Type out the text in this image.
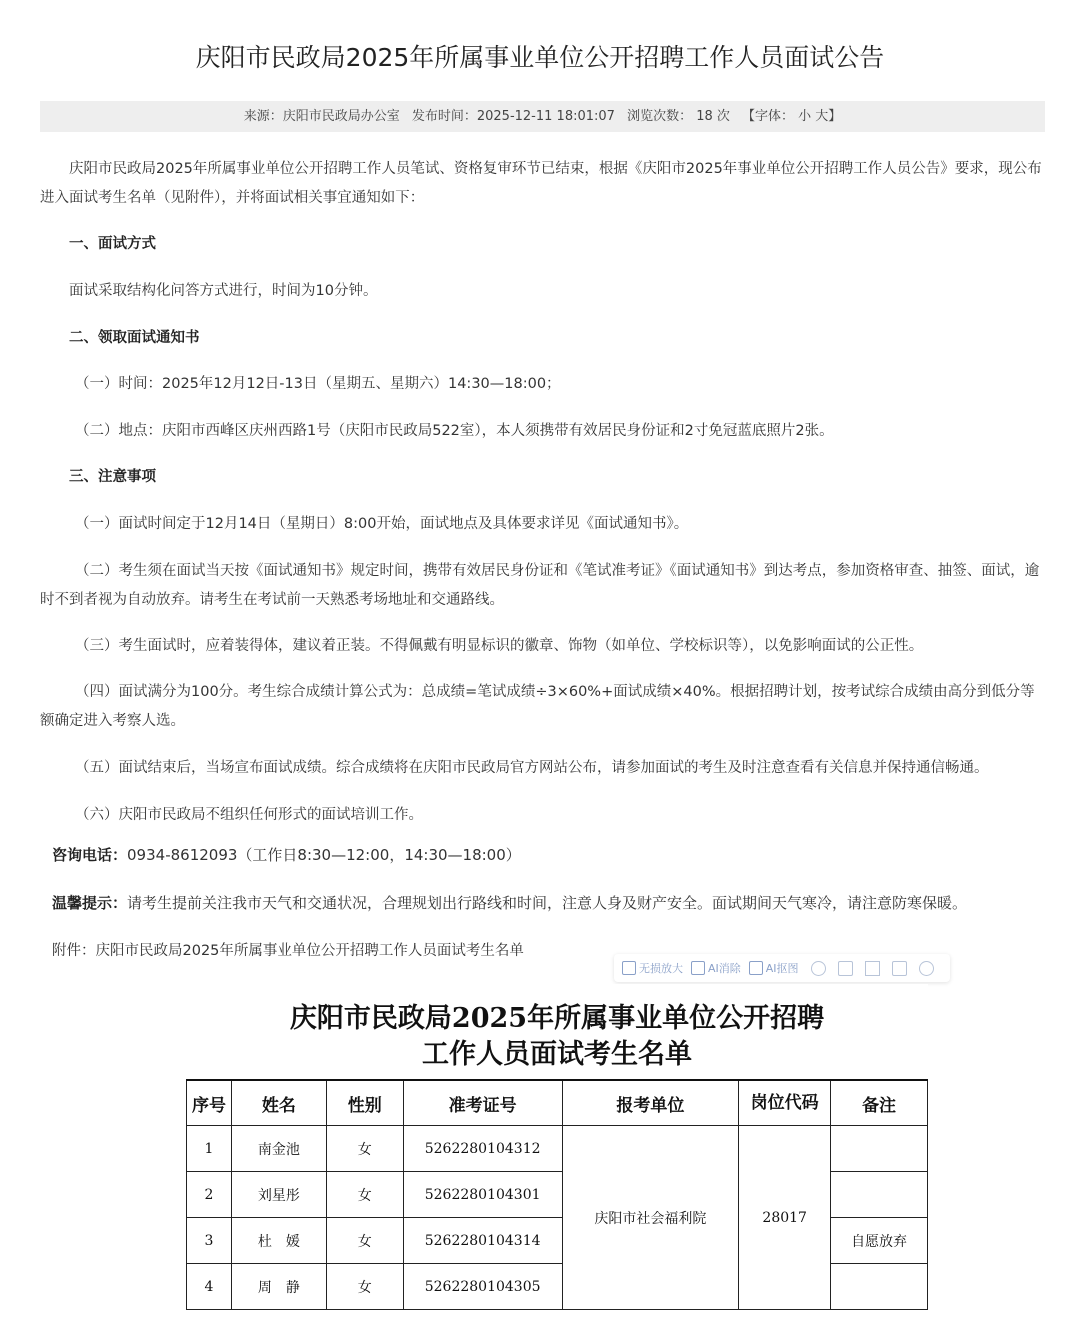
庆阳市民政局2025年所属事业单位公开招聘工作人员面试公告
来源：庆阳市民政局办公室 发布时间：2025-12-11 18:01:07 浏览次数： 18 次 【字体： 小 大】
庆阳市民政局2025年所属事业单位公开招聘工作人员笔试、资格复审环节已结束，根据《庆阳市2025年事业单位公开招聘工作人员公告》要求，现公布进入面试考生名单（见附件），并将面试相关事宜通知如下：
一、面试方式
面试采取结构化问答方式进行，时间为10分钟。
二、领取面试通知书
（一）时间：2025年12月12日-13日（星期五、星期六）14:30—18:00；
（二）地点：庆阳市西峰区庆州西路1号（庆阳市民政局522室），本人须携带有效居民身份证和2寸免冠蓝底照片2张。
三、注意事项
（一）面试时间定于12月14日（星期日）8:00开始，面试地点及具体要求详见《面试通知书》。
（二）考生须在面试当天按《面试通知书》规定时间，携带有效居民身份证和《笔试准考证》《面试通知书》到达考点，参加资格审查、抽签、面试，逾时不到者视为自动放弃。请考生在考试前一天熟悉考场地址和交通路线。
（三）考生面试时，应着装得体，建议着正装。不得佩戴有明显标识的徽章、饰物（如单位、学校标识等），以免影响面试的公正性。
（四）面试满分为100分。考生综合成绩计算公式为：总成绩=笔试成绩÷3×60%+面试成绩×40%。根据招聘计划，按考试综合成绩由高分到低分等额确定进入考察人选。
（五）面试结束后，当场宣布面试成绩。综合成绩将在庆阳市民政局官方网站公布，请参加面试的考生及时注意查看有关信息并保持通信畅通。
（六）庆阳市民政局不组织任何形式的面试培训工作。
咨询电话：0934-8612093（工作日8:30—12:00，14:30—18:00）
温馨提示：请考生提前关注我市天气和交通状况，合理规划出行路线和时间，注意人身及财产安全。面试期间天气寒冷，请注意防寒保暖。
附件：庆阳市民政局2025年所属事业单位公开招聘工作人员面试考生名单
无损放大 AI消除 AI抠图
庆阳市民政局2025年所属事业单位公开招聘
工作人员面试考生名单
序号	姓名	性别	准考证号	报考单位	岗位代码	备注
1	南金池	女	5262280104312	庆阳市社会福利院	28017	
2	刘星彤	女	5262280104301			
3	杜　媛	女	5262280104314			自愿放弃
4	周　静	女	5262280104305			
